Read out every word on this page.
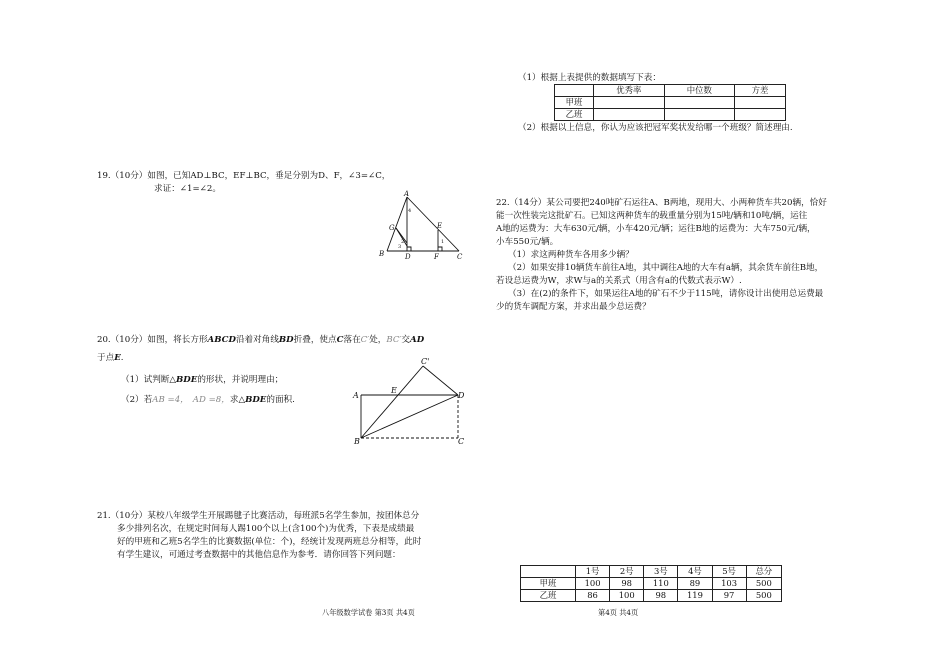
（1）根据上表提供的数据填写下表：

	优秀率	中位数	方差
甲班			
乙班			

（2）根据以上信息，你认为应该把冠军奖状发给哪一个班级？简述理由.

19.（10分）如图，已知AD⊥BC，EF⊥BC，垂足分别为D、F，∠3=∠C，

求证：∠1=∠2。	A
G
B	D
E
F	C
1
2
3
4

22.（14分）某公司要把240吨矿石运往A、B两地，现用大、小两种货车共20辆，恰好

能一次性装完这批矿石。已知这两种货车的载重量分别为15吨/辆和10吨/辆，运往

A地的运费为：大车630元/辆，小车420元/辆；运往B地的运费为：大车750元/辆，

小车550元/辆。

（1）求这两种货车各用多少辆？

（2）如果安排10辆货车前往A地，其中调往A地的大车有a辆，其余货车前往B地，

若设总运费为W，求W与a的关系式（用含有a的代数式表示W）.

（3）在(2)的条件下，如果运往A地的矿石不少于115吨，请你设计出使用总运费最

少的货车调配方案，并求出最少总运费？

20.（10分）如图，将长方形ABCD沿着对角线BD折叠，使点C落在C′处，BC′交AD

于点E.

（1）试判断△BDE的形状，并说明理由；

（2）若AB =4， AD =8，求△BDE的面积.	A
E
D
B	C
C'

21.（10分）某校八年级学生开展踢毽子比赛活动，每班派5名学生参加，按团体总分

多少排列名次，在规定时间每人踢100个以上(含100个)为优秀，下表是成绩最

好的甲班和乙班5名学生的比赛数据(单位：个)，经统计发现两班总分相等，此时

有学生建议，可通过考查数据中的其他信息作为参考．请你回答下列问题：

	1号	2号	3号	4号	5号	总分
甲班	100	98	110	89	103	500
乙班	86	100	98	119	97	500
八年级数学试卷 第3页 共4页	第4页 共4页
